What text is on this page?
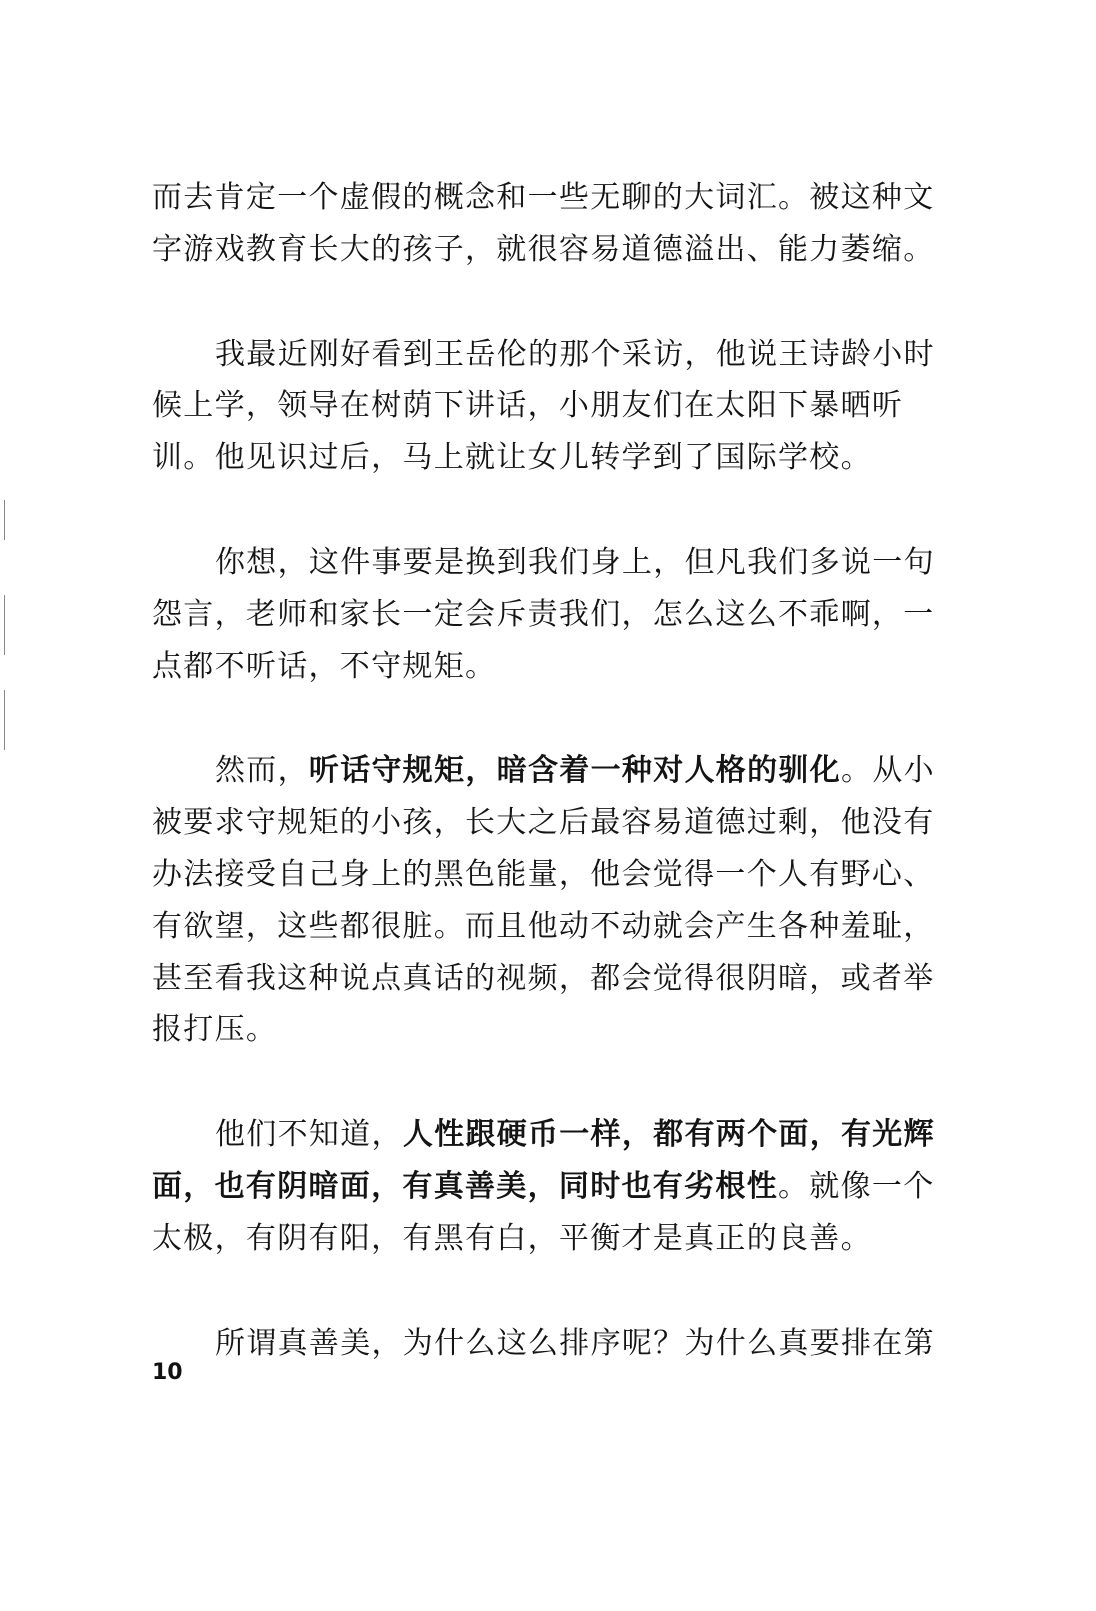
而去肯定一个虚假的概念和一些无聊的大词汇。被这种文
字游戏教育长大的孩子，就很容易道德溢出、能力萎缩。
我最近刚好看到王岳伦的那个采访，他说王诗龄小时
候上学，领导在树荫下讲话，小朋友们在太阳下暴晒听
训。他见识过后，马上就让女儿转学到了国际学校。
你想，这件事要是换到我们身上，但凡我们多说一句
怨言，老师和家长一定会斥责我们，怎么这么不乖啊，一
点都不听话，不守规矩。
然而，听话守规矩，暗含着一种对人格的驯化。从小
被要求守规矩的小孩，长大之后最容易道德过剩，他没有
办法接受自己身上的黑色能量，他会觉得一个人有野心、
有欲望，这些都很脏。而且他动不动就会产生各种羞耻，
甚至看我这种说点真话的视频，都会觉得很阴暗，或者举
报打压。
他们不知道，人性跟硬币一样，都有两个面，有光辉
面，也有阴暗面，有真善美，同时也有劣根性。就像一个
太极，有阴有阳，有黑有白，平衡才是真正的良善。
所谓真善美，为什么这么排序呢？为什么真要排在第
10
